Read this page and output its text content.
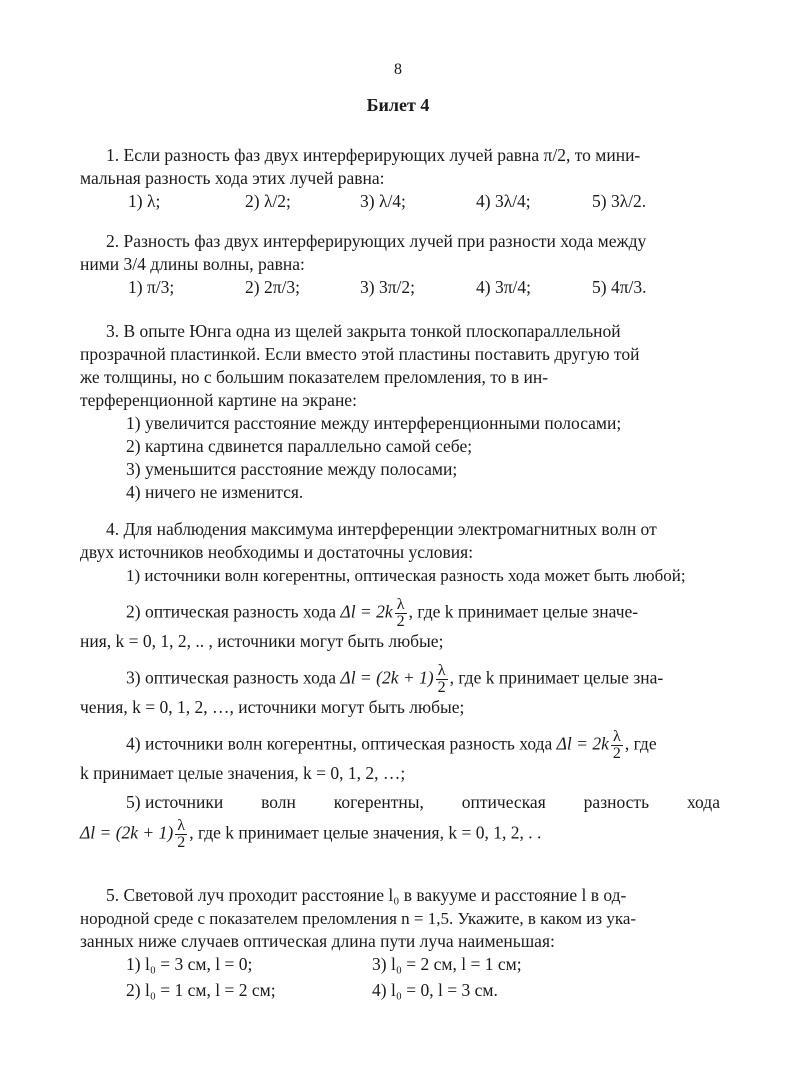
8
Билет 4
1. Если разность фаз двух интерферирующих лучей равна π/2, то мини-
мальная разность хода этих лучей равна:
1) λ;	2) λ/2;	3) λ/4;	4) 3λ/4;	5) 3λ/2.
2. Разность фаз двух интерферирующих лучей при разности хода между
ними 3/4 длины волны, равна:
1) π/3;	2) 2π/3;	3) 3π/2;	4) 3π/4;	5) 4π/3.
3. В опыте Юнга одна из щелей закрыта тонкой плоскопараллельной
прозрачной пластинкой. Если вместо этой пластины поставить другую той
же толщины, но с большим показателем преломления, то в ин-
терференционной картине на экране:
1) увеличится расстояние между интерференционными полосами;
2) картина сдвинется параллельно самой себе;
3) уменьшится расстояние между полосами;
4) ничего не изменится.
4. Для наблюдения максимума интерференции электромагнитных волн от
двух источников необходимы и достаточны условия:
1) источники волн когерентны, оптическая разность хода может быть любой;
2) оптическая разность хода $\Delta l = 2k \frac{\lambda}{2}$ , где k принимает целые значе-
ния, k = 0, 1, 2, .. , источники могут быть любые;
3) оптическая разность хода $\Delta l = (2k + 1) \frac{\lambda}{2}$ , где k принимает целые зна-
чения, k = 0, 1, 2, …, источники могут быть любые;
4) источники волн когерентны, оптическая разность хода $\Delta l = 2k \frac{\lambda}{2}$ , где
k принимает целые значения, k = 0, 1, 2, …;
5) источники волн когерентны, оптическая разность хода
$\Delta l = (2k + 1) \frac{\lambda}{2}$ , где k принимает целые значения, k = 0, 1, 2, . .
5. Световой луч проходит расстояние l₀ в вакууме и расстояние l в од-
нородной среде с показателем преломления n = 1,5. Укажите, в каком из ука-
занных ниже случаев оптическая длина пути луча наименьшая:
1) l₀ = 3 см, l = 0;	3) l₀ = 2 см, l = 1 см;
2) l₀ = 1 см, l = 2 см;	4) l₀ = 0, l = 3 см.
